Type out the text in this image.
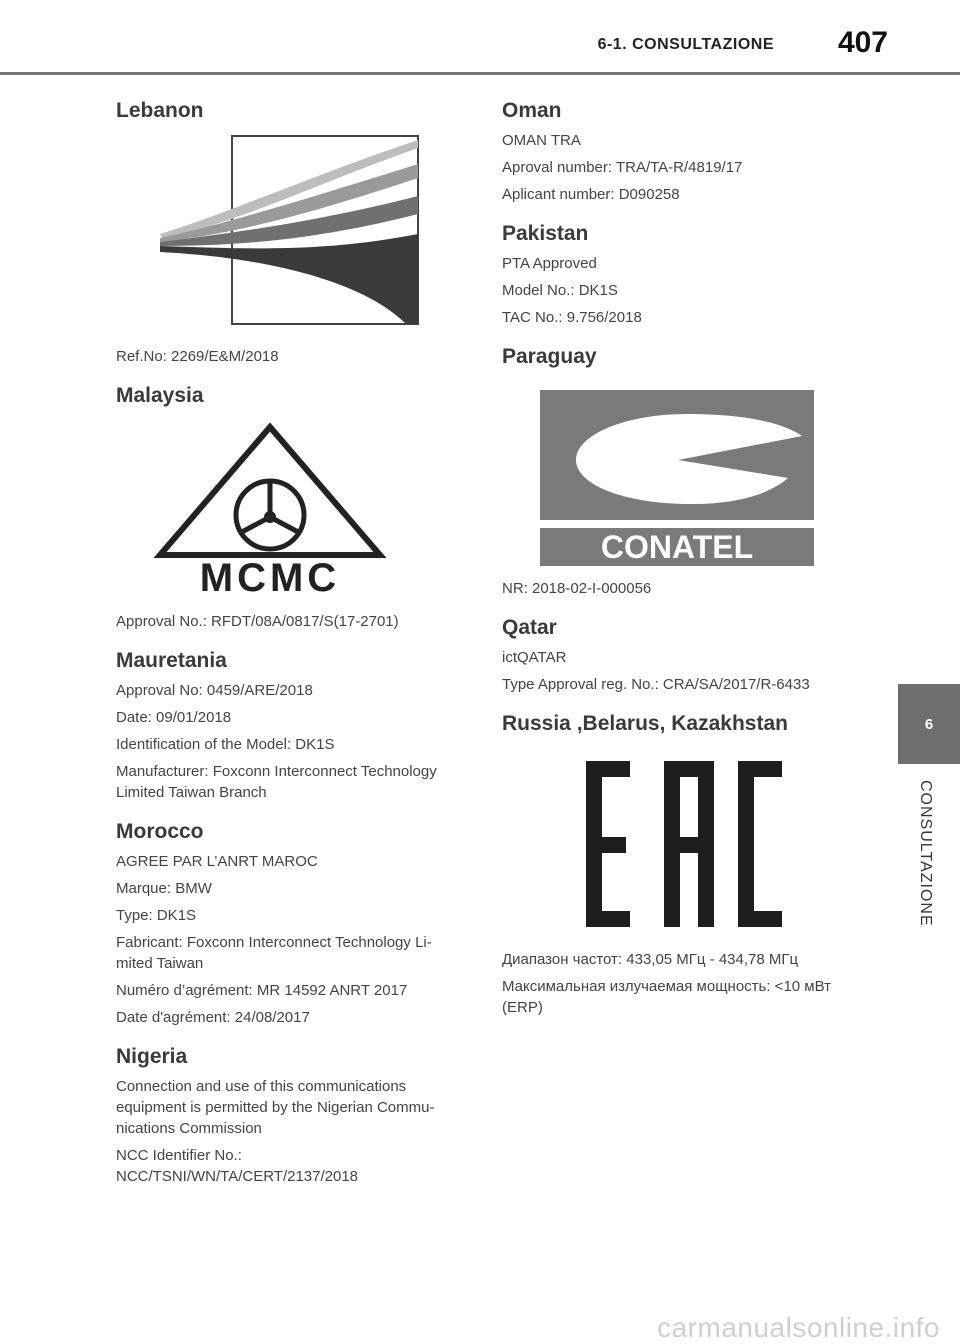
6-1. CONSULTAZIONE 407
Lebanon

Ref.No: 2269/E&M/2018

Malaysia
MCMC

Approval No.: RFDT/08A/0817/S(17-2701)

Mauretania

Approval No: 0459/ARE/2018

Date: 09/01/2018

Identification of the Model: DK1S

Manufacturer: Foxconn Interconnect Technology Limited Taiwan Branch

Morocco

AGREE PAR L’ANRT MAROC

Marque: BMW

Type: DK1S

Fabricant: Foxconn Interconnect Technology Li-mited Taiwan

Numéro d’agrément: MR 14592 ANRT 2017

Date d'agrément: 24/08/2017

Nigeria

Connection and use of this communications equipment is permitted by the Nigerian Commu-nications Commission

NCC Identifier No.: NCC/TSNI/WN/TA/CERT/2137/2018

Oman

OMAN TRA

Aproval number: TRA/TA-R/4819/17

Aplicant number: D090258

Pakistan

PTA Approved

Model No.: DK1S

TAC No.: 9.756/2018

Paraguay
CONATEL

NR: 2018-02-I-000056

Qatar

ictQATAR

Type Approval reg. No.: CRA/SA/2017/R-6433

Russia ,Belarus, Kazakhstan

Диапазон частот: 433,05 МГц - 434,78 МГц

Максимальная излучаемая мощность: <10 мВт (ERP)

6
CONSULTAZIONE
carmanualsonline.info
